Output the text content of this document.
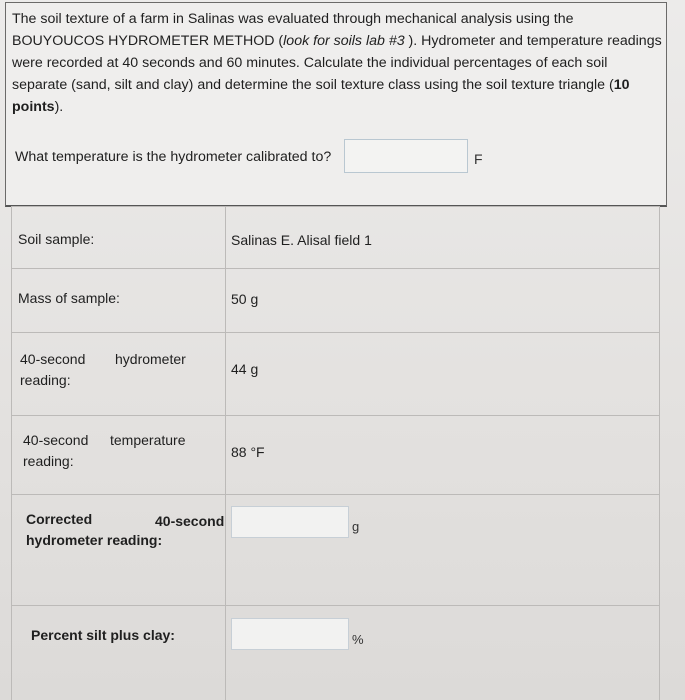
The soil texture of a farm in Salinas was evaluated through mechanical analysis using the
BOUYOUCOS HYDROMETER METHOD (look for soils lab #3 ). Hydrometer and temperature readings
were recorded at 40 seconds and 60 minutes. Calculate the individual percentages of each soil
separate (sand, silt and clay) and determine the soil texture class using the soil texture triangle (10
points).
What temperature is the hydrometer calibrated to?	F
Soil sample:	Salinas E. Alisal field 1

Mass of sample:	50 g

40-second hydrometer
reading:	44 g

40-second temperature
reading:	88 °F

Corrected 40-second
hydrometer reading:	g

Percent silt plus clay:	%
